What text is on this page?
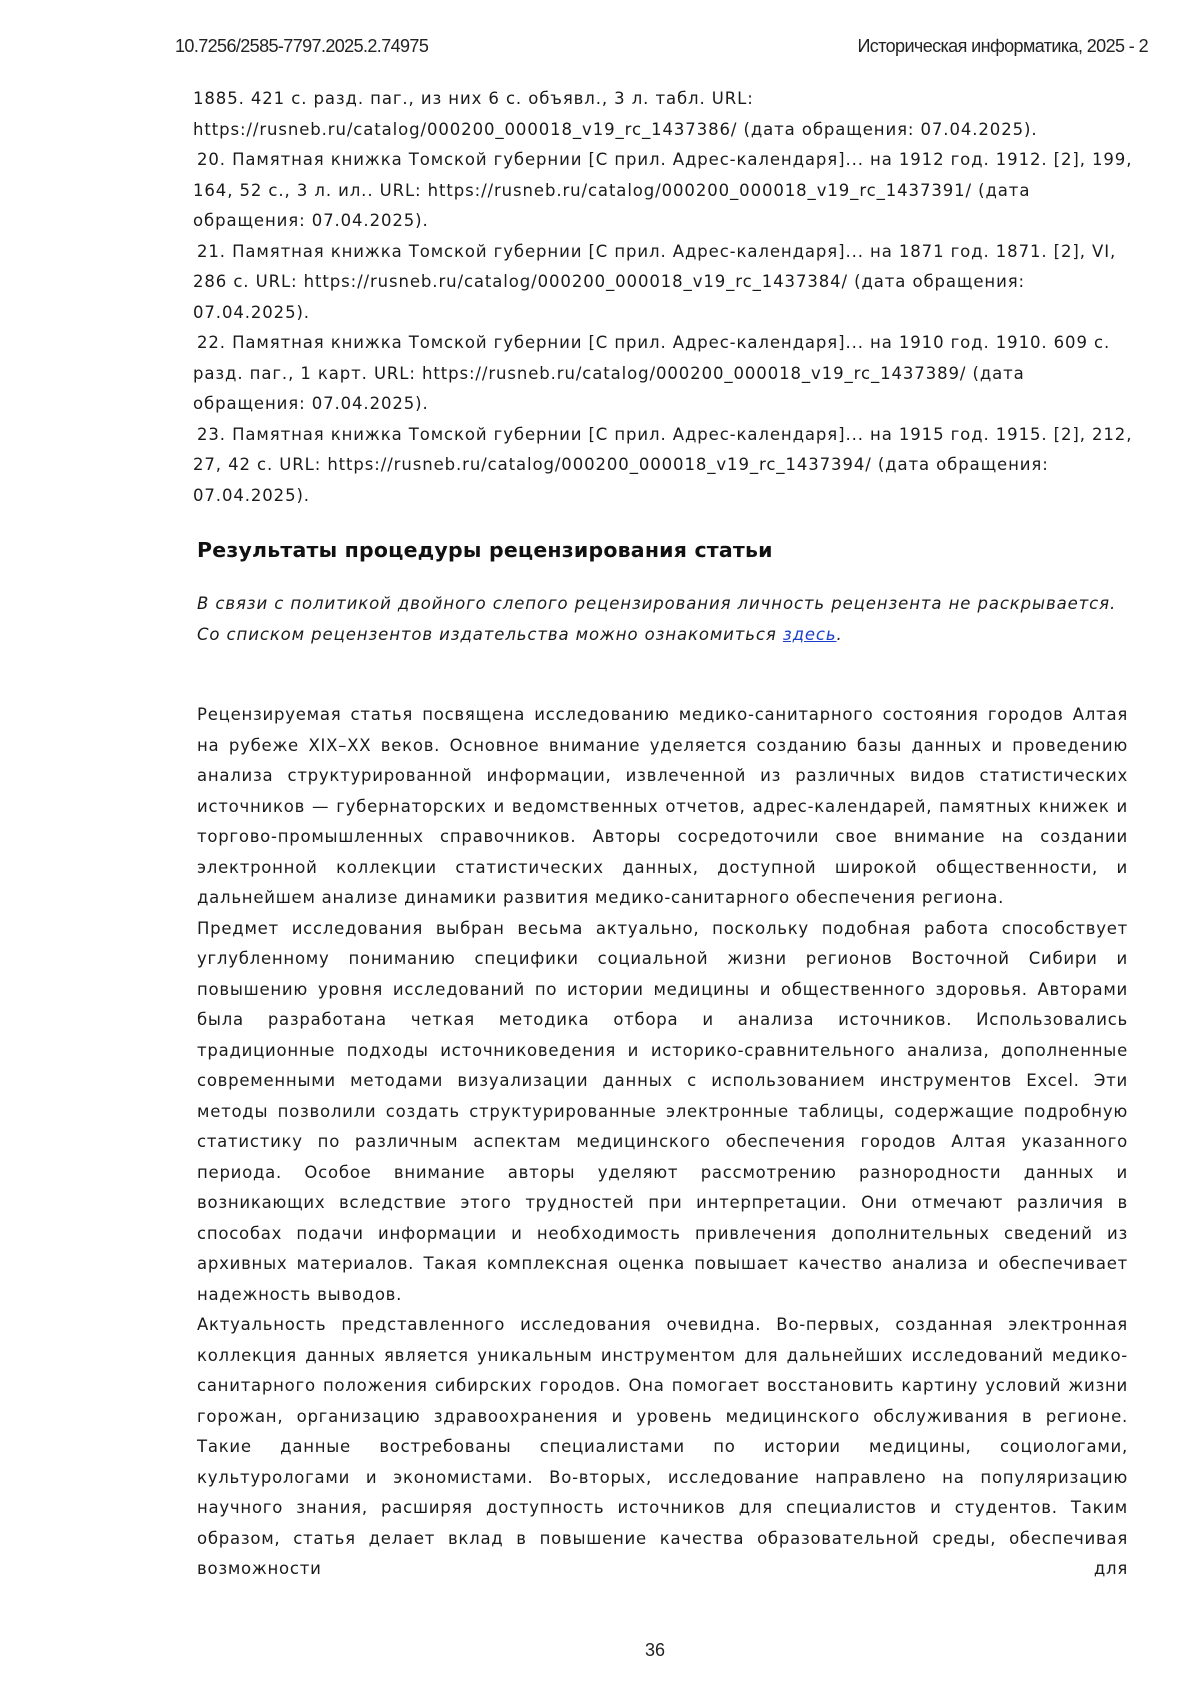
10.7256/2585-7797.2025.2.74975	Историческая информатика, 2025 - 2

1885. 421 с. разд. паг., из них 6 с. объявл., 3 л. табл. URL: https://rusneb.ru/catalog/000200_000018_v19_rc_1437386/ (дата обращения: 07.04.2025).

20. Памятная книжка Томской губернии [С прил. Адрес-календаря]... на 1912 год. 1912. [2], 199, 164, 52 с., 3 л. ил.. URL: https://rusneb.ru/catalog/000200_000018_v19_rc_1437391/ (дата обращения: 07.04.2025).

21. Памятная книжка Томской губернии [С прил. Адрес-календаря]... на 1871 год. 1871. [2], VI, 286 с. URL: https://rusneb.ru/catalog/000200_000018_v19_rc_1437384/ (дата обращения: 07.04.2025).

22. Памятная книжка Томской губернии [С прил. Адрес-календаря]... на 1910 год. 1910. 609 с. разд. паг., 1 карт. URL: https://rusneb.ru/catalog/000200_000018_v19_rc_1437389/ (дата обращения: 07.04.2025).

23. Памятная книжка Томской губернии [С прил. Адрес-календаря]... на 1915 год. 1915. [2], 212, 27, 42 с. URL: https://rusneb.ru/catalog/000200_000018_v19_rc_1437394/ (дата обращения: 07.04.2025).

Результаты процедуры рецензирования статьи

В связи с политикой двойного слепого рецензирования личность рецензента не раскрывается.

Со списком рецензентов издательства можно ознакомиться здесь.

Рецензируемая статья посвящена исследованию медико-санитарного состояния городов Алтая на рубеже XIX–XX веков. Основное внимание уделяется созданию базы данных и проведению анализа структурированной информации, извлеченной из различных видов статистических источников — губернаторских и ведомственных отчетов, адрес-календарей, памятных книжек и торгово-промышленных справочников. Авторы сосредоточили свое внимание на создании электронной коллекции статистических данных, доступной широкой общественности, и дальнейшем анализе динамики развития медико-санитарного обеспечения региона.

Предмет исследования выбран весьма актуально, поскольку подобная работа способствует углубленному пониманию специфики социальной жизни регионов Восточной Сибири и повышению уровня исследований по истории медицины и общественного здоровья. Авторами была разработана четкая методика отбора и анализа источников. Использовались традиционные подходы источниковедения и историко-сравнительного анализа, дополненные современными методами визуализации данных с использованием инструментов Excel. Эти методы позволили создать структурированные электронные таблицы, содержащие подробную статистику по различным аспектам медицинского обеспечения городов Алтая указанного периода. Особое внимание авторы уделяют рассмотрению разнородности данных и возникающих вследствие этого трудностей при интерпретации. Они отмечают различия в способах подачи информации и необходимость привлечения дополнительных сведений из архивных материалов. Такая комплексная оценка повышает качество анализа и обеспечивает надежность выводов.

Актуальность представленного исследования очевидна. Во-первых, созданная электронная коллекция данных является уникальным инструментом для дальнейших исследований медико-санитарного положения сибирских городов. Она помогает восстановить картину условий жизни горожан, организацию здравоохранения и уровень медицинского обслуживания в регионе. Такие данные востребованы специалистами по истории медицины, социологами, культурологами и экономистами. Во-вторых, исследование направлено на популяризацию научного знания, расширяя доступность источников для специалистов и студентов. Таким образом, статья делает вклад в повышение качества образовательной среды, обеспечивая возможности для

36
